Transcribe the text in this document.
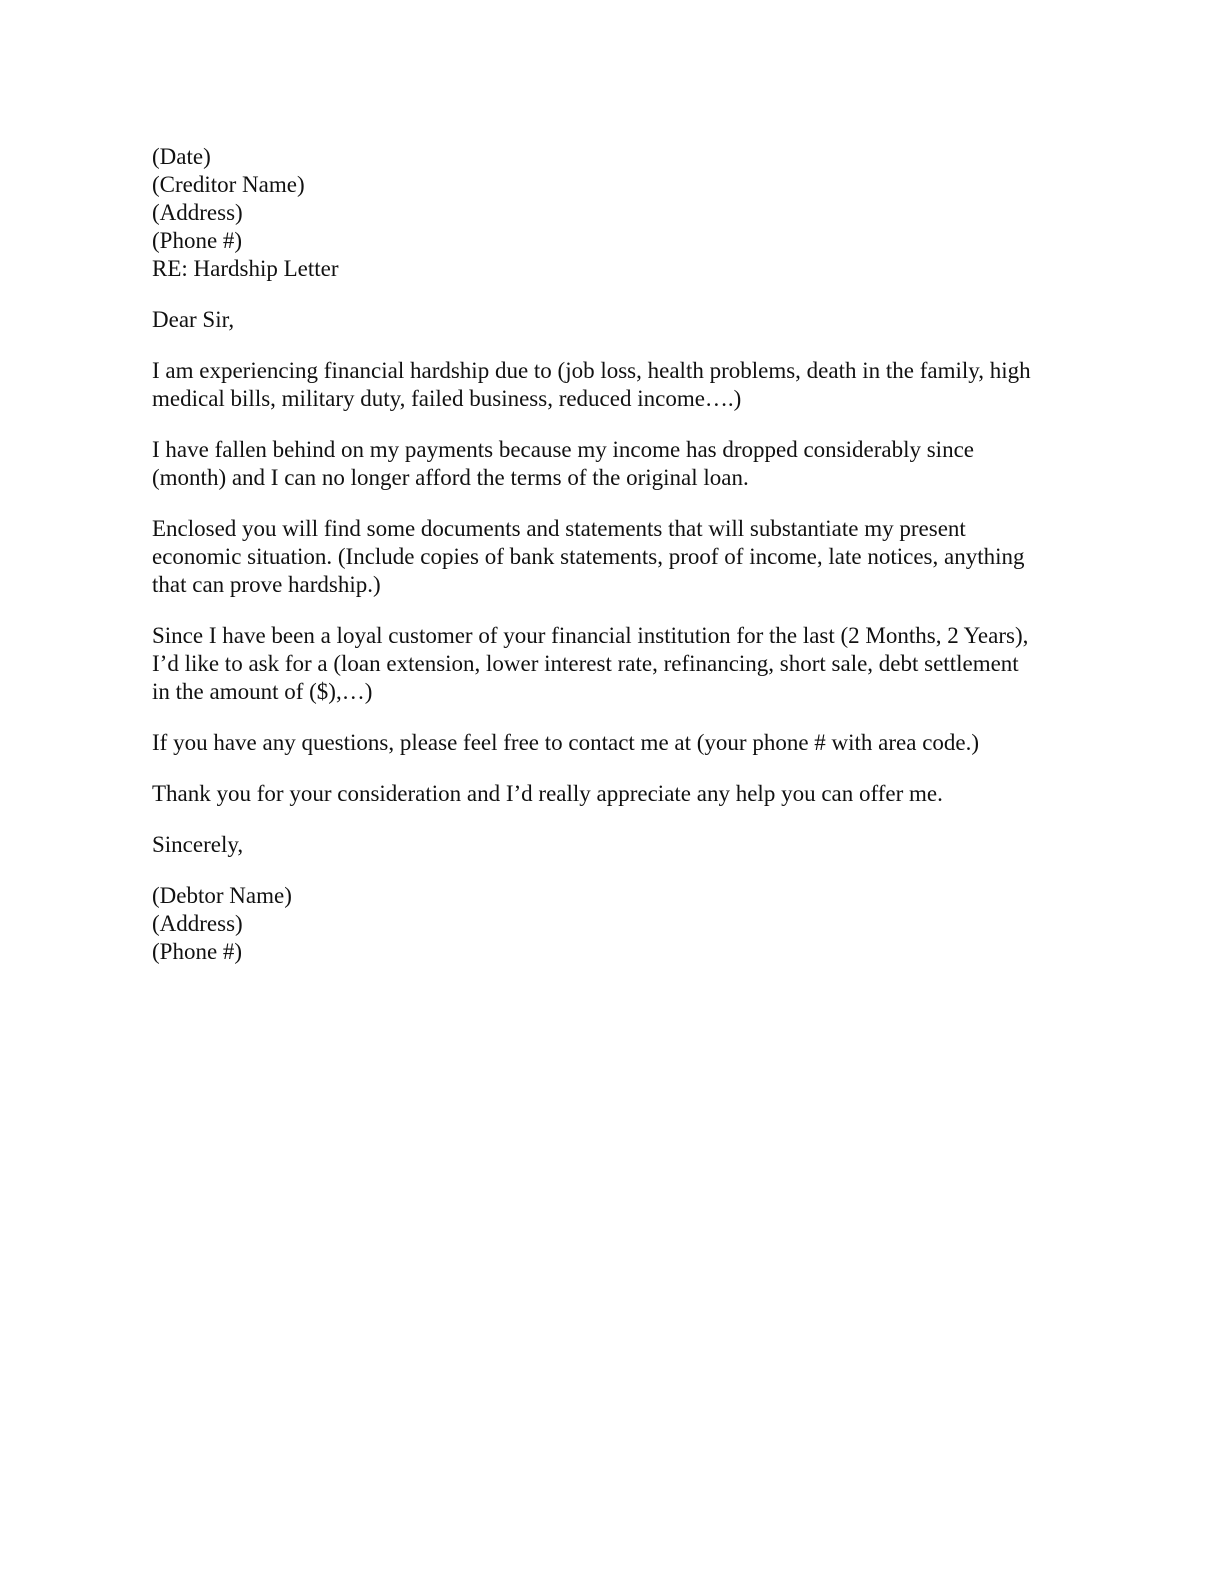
(Date)
(Creditor Name)
(Address)
(Phone #)
RE: Hardship Letter
Dear Sir,
I am experiencing financial hardship due to (job loss, health problems, death in the family, high
medical bills, military duty, failed business, reduced income….)
I have fallen behind on my payments because my income has dropped considerably since
(month) and I can no longer afford the terms of the original loan.
Enclosed you will find some documents and statements that will substantiate my present
economic situation. (Include copies of bank statements, proof of income, late notices, anything
that can prove hardship.)
Since I have been a loyal customer of your financial institution for the last (2 Months, 2 Years),
I’d like to ask for a (loan extension, lower interest rate, refinancing, short sale, debt settlement
in the amount of ($),…)
If you have any questions, please feel free to contact me at (your phone # with area code.)
Thank you for your consideration and I’d really appreciate any help you can offer me.
Sincerely,
(Debtor Name)
(Address)
(Phone #)
